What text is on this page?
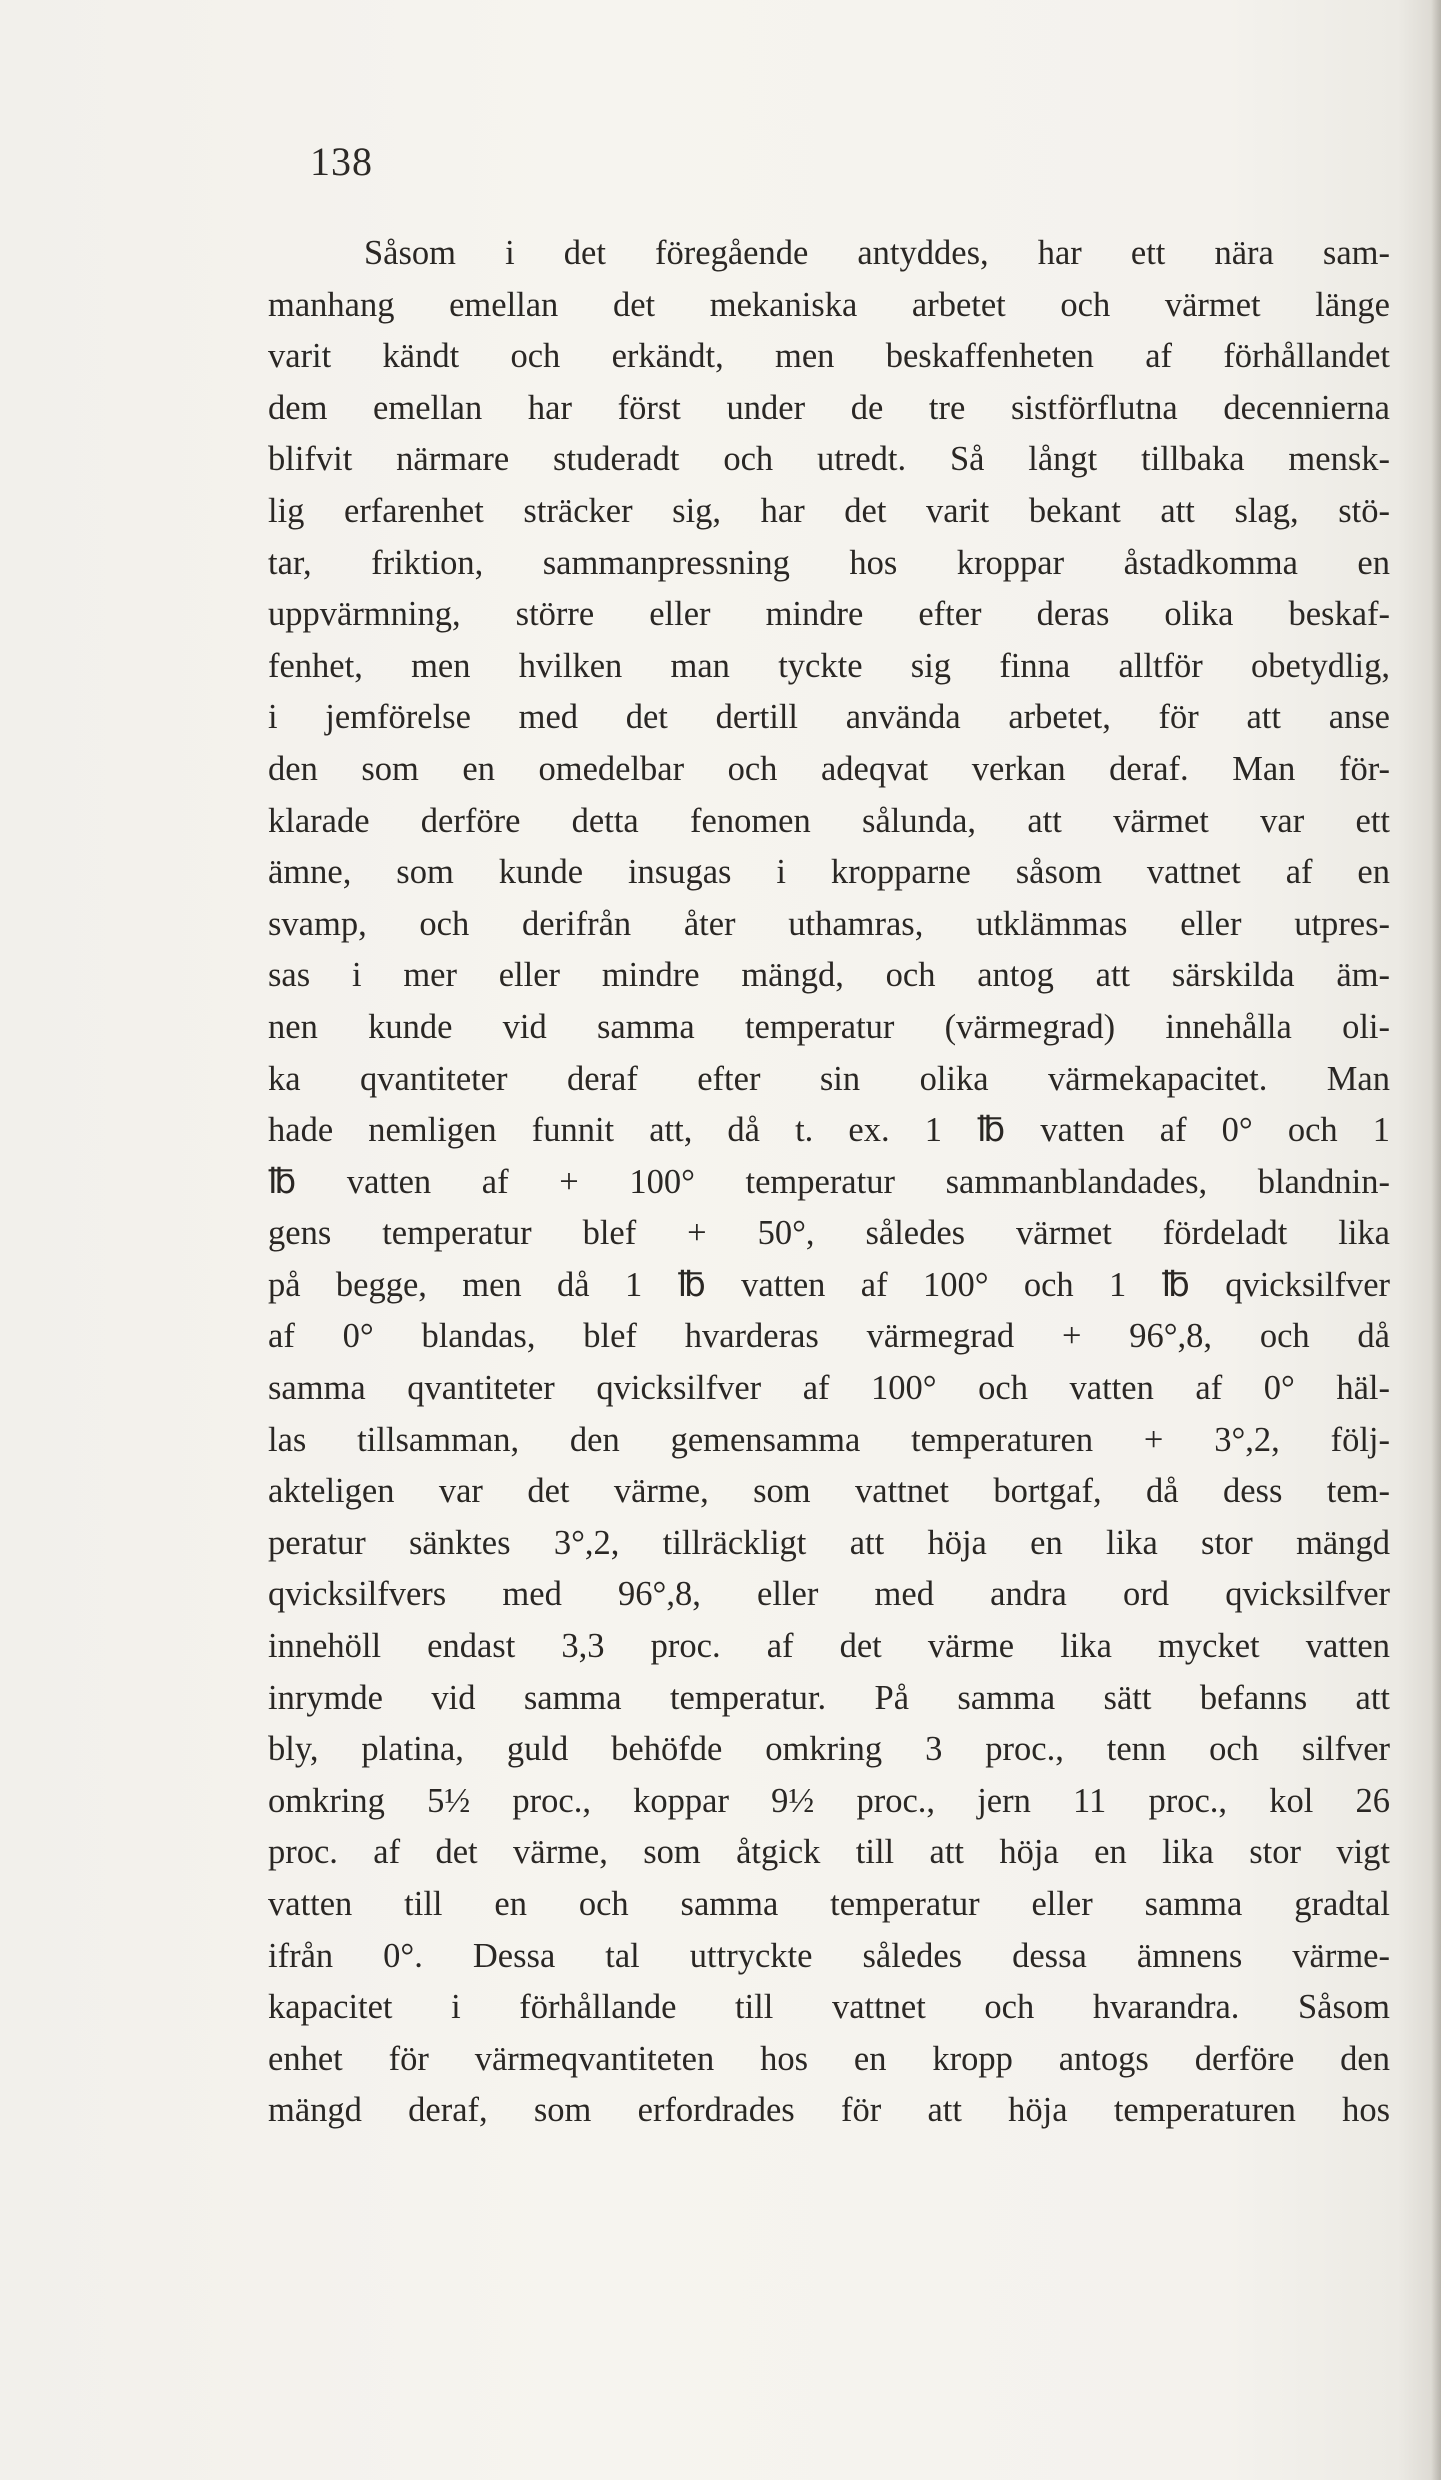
138
Såsom i det föregående antyddes, har ett nära sam-
manhang emellan det mekaniska arbetet och värmet länge
varit kändt och erkändt, men beskaffenheten af förhållandet
dem emellan har först under de tre sistförflutna decennierna
blifvit närmare studeradt och utredt. Så långt tillbaka mensk-
lig erfarenhet sträcker sig, har det varit bekant att slag, stö-
tar, friktion, sammanpressning hos kroppar åstadkomma en
uppvärmning, större eller mindre efter deras olika beskaf-
fenhet, men hvilken man tyckte sig finna alltför obetydlig,
i jemförelse med det dertill använda arbetet, för att anse
den som en omedelbar och adeqvat verkan deraf. Man för-
klarade derföre detta fenomen sålunda, att värmet var ett
ämne, som kunde insugas i kropparne såsom vattnet af en
svamp, och derifrån åter uthamras, utklämmas eller utpres-
sas i mer eller mindre mängd, och antog att särskilda äm-
nen kunde vid samma temperatur (värmegrad) innehålla oli-
ka qvantiteter deraf efter sin olika värmekapacitet. Man
hade nemligen funnit att, då t. ex. 1 ℔ vatten af 0° och 1
℔ vatten af + 100° temperatur sammanblandades, blandnin-
gens temperatur blef + 50°, således värmet fördeladt lika
på begge, men då 1 ℔ vatten af 100° och 1 ℔ qvicksilfver
af 0° blandas, blef hvarderas värmegrad + 96°,8, och då
samma qvantiteter qvicksilfver af 100° och vatten af 0° häl-
las tillsamman, den gemensamma temperaturen + 3°,2, följ-
akteligen var det värme, som vattnet bortgaf, då dess tem-
peratur sänktes 3°,2, tillräckligt att höja en lika stor mängd
qvicksilfvers med 96°,8, eller med andra ord qvicksilfver
innehöll endast 3,3 proc. af det värme lika mycket vatten
inrymde vid samma temperatur. På samma sätt befanns att
bly, platina, guld behöfde omkring 3 proc., tenn och silfver
omkring 5½ proc., koppar 9½ proc., jern 11 proc., kol 26
proc. af det värme, som åtgick till att höja en lika stor vigt
vatten till en och samma temperatur eller samma gradtal
ifrån 0°. Dessa tal uttryckte således dessa ämnens värme-
kapacitet i förhållande till vattnet och hvarandra. Såsom
enhet för värmeqvantiteten hos en kropp antogs derföre den
mängd deraf, som erfordrades för att höja temperaturen hos
